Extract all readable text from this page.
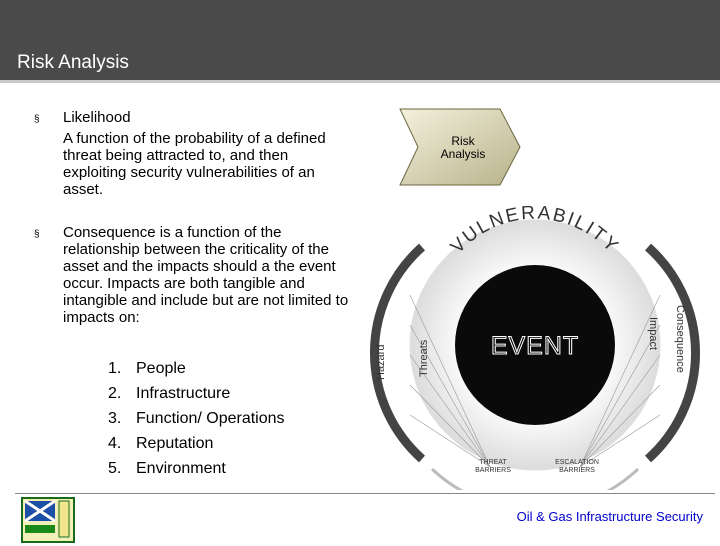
Risk Analysis
§ Likelihood
A function of the probability of a defined threat being attracted to, and then exploiting security vulnerabilities of an asset.
§ Consequence is a function of the relationship between the criticality of the asset and the impacts should a the event occur. Impacts are both tangible and intangible and include but are not limited to impacts on:
1. People
2. Infrastructure
3. Function/ Operations
4. Reputation
5. Environment
Risk
Analysis
EVENT
VULNERABILITY
Hazard	Threats
Impact Consequence
THREAT
BARRIERS
ESCALATION
BARRIERS
Oil & Gas Infrastructure Security
